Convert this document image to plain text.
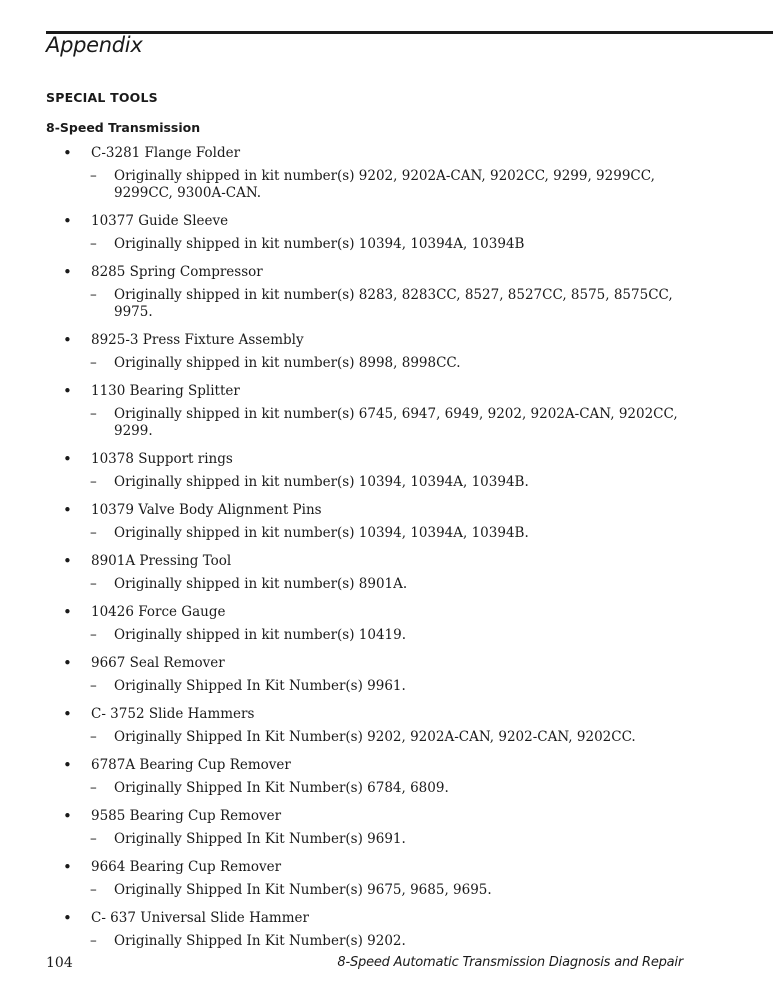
Appendix
SPECIAL TOOLS
8-Speed Transmission
• C-3281 Flange Folder
– Originally shipped in kit number(s) 9202, 9202A-CAN, 9202CC, 9299, 9299CC, 9299CC, 9300A-CAN.
• 10377 Guide Sleeve
– Originally shipped in kit number(s) 10394, 10394A, 10394B
• 8285 Spring Compressor
– Originally shipped in kit number(s) 8283, 8283CC, 8527, 8527CC, 8575, 8575CC, 9975.
• 8925-3 Press Fixture Assembly
– Originally shipped in kit number(s) 8998, 8998CC.
• 1130 Bearing Splitter
– Originally shipped in kit number(s) 6745, 6947, 6949, 9202, 9202A-CAN, 9202CC, 9299.
• 10378 Support rings
– Originally shipped in kit number(s) 10394, 10394A, 10394B.
• 10379 Valve Body Alignment Pins
– Originally shipped in kit number(s) 10394, 10394A, 10394B.
• 8901A Pressing Tool
– Originally shipped in kit number(s) 8901A.
• 10426 Force Gauge
– Originally shipped in kit number(s) 10419.
• 9667 Seal Remover
– Originally Shipped In Kit Number(s) 9961.
• C- 3752 Slide Hammers
– Originally Shipped In Kit Number(s) 9202, 9202A-CAN, 9202-CAN, 9202CC.
• 6787A Bearing Cup Remover
– Originally Shipped In Kit Number(s) 6784, 6809.
• 9585 Bearing Cup Remover
– Originally Shipped In Kit Number(s) 9691.
• 9664 Bearing Cup Remover
– Originally Shipped In Kit Number(s) 9675, 9685, 9695.
• C- 637 Universal Slide Hammer
– Originally Shipped In Kit Number(s) 9202.
104	8-Speed Automatic Transmission Diagnosis and Repair
